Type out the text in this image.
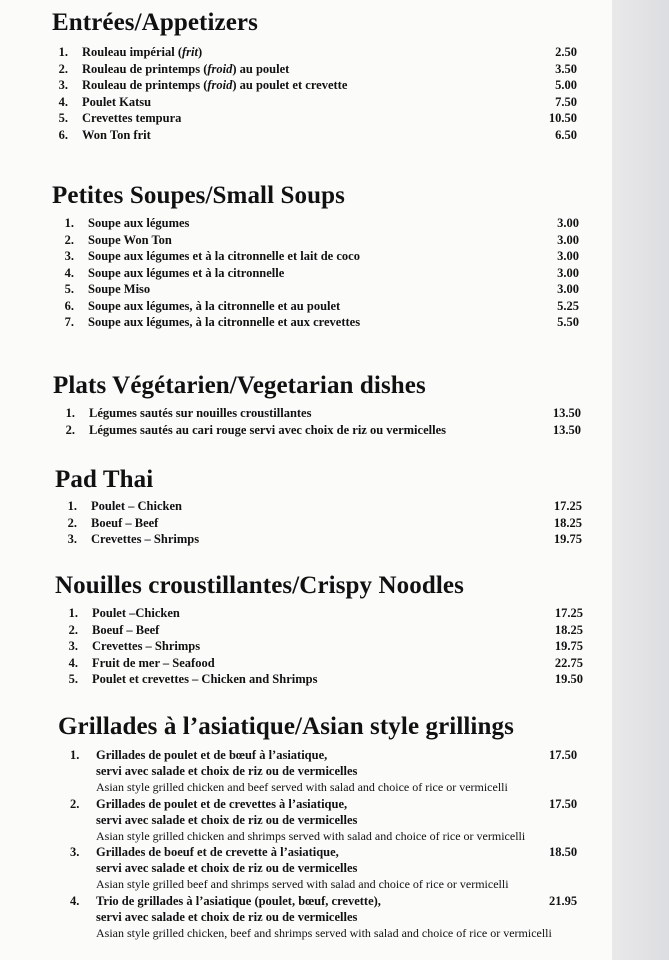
Entrées/Appetizers
1. Rouleau impérial (frit)	2.50
2. Rouleau de printemps (froid) au poulet	3.50
3. Rouleau de printemps (froid) au poulet et crevette	5.00
4. Poulet Katsu	7.50
5. Crevettes tempura	10.50
6. Won Ton frit	6.50
Petites Soupes/Small Soups
1. Soupe aux légumes	3.00
2. Soupe Won Ton	3.00
3. Soupe aux légumes et à la citronnelle et lait de coco	3.00
4. Soupe aux légumes et à la citronnelle	3.00
5. Soupe Miso	3.00
6. Soupe aux légumes, à la citronnelle et au poulet	5.25
7. Soupe aux légumes, à la citronnelle et aux crevettes	5.50
Plats Végétarien/Vegetarian dishes
1. Légumes sautés sur nouilles croustillantes	13.50
2. Légumes sautés au cari rouge servi avec choix de riz ou vermicelles	13.50
Pad Thai
1. Poulet – Chicken	17.25
2. Boeuf – Beef	18.25
3. Crevettes – Shrimps	19.75
Nouilles croustillantes/Crispy Noodles
1. Poulet –Chicken	17.25
2. Boeuf – Beef	18.25
3. Crevettes – Shrimps	19.75
4. Fruit de mer – Seafood	22.75
5. Poulet et crevettes – Chicken and Shrimps	19.50
Grillades à l’asiatique/Asian style grillings
1. Grillades de poulet et de bœuf à l’asiatique,	17.50
servi avec salade et choix de riz ou de vermicelles
Asian style grilled chicken and beef served with salad and choice of rice or vermicelli
2. Grillades de poulet et de crevettes à l’asiatique,	17.50
servi avec salade et choix de riz ou de vermicelles
Asian style grilled chicken and shrimps served with salad and choice of rice or vermicelli
3. Grillades de boeuf et de crevette à l’asiatique,	18.50
servi avec salade et choix de riz ou de vermicelles
Asian style grilled beef and shrimps served with salad and choice of rice or vermicelli
4. Trio de grillades à l’asiatique (poulet, bœuf, crevette),	21.95
servi avec salade et choix de riz ou de vermicelles
Asian style grilled chicken, beef and shrimps served with salad and choice of rice or vermicelli
